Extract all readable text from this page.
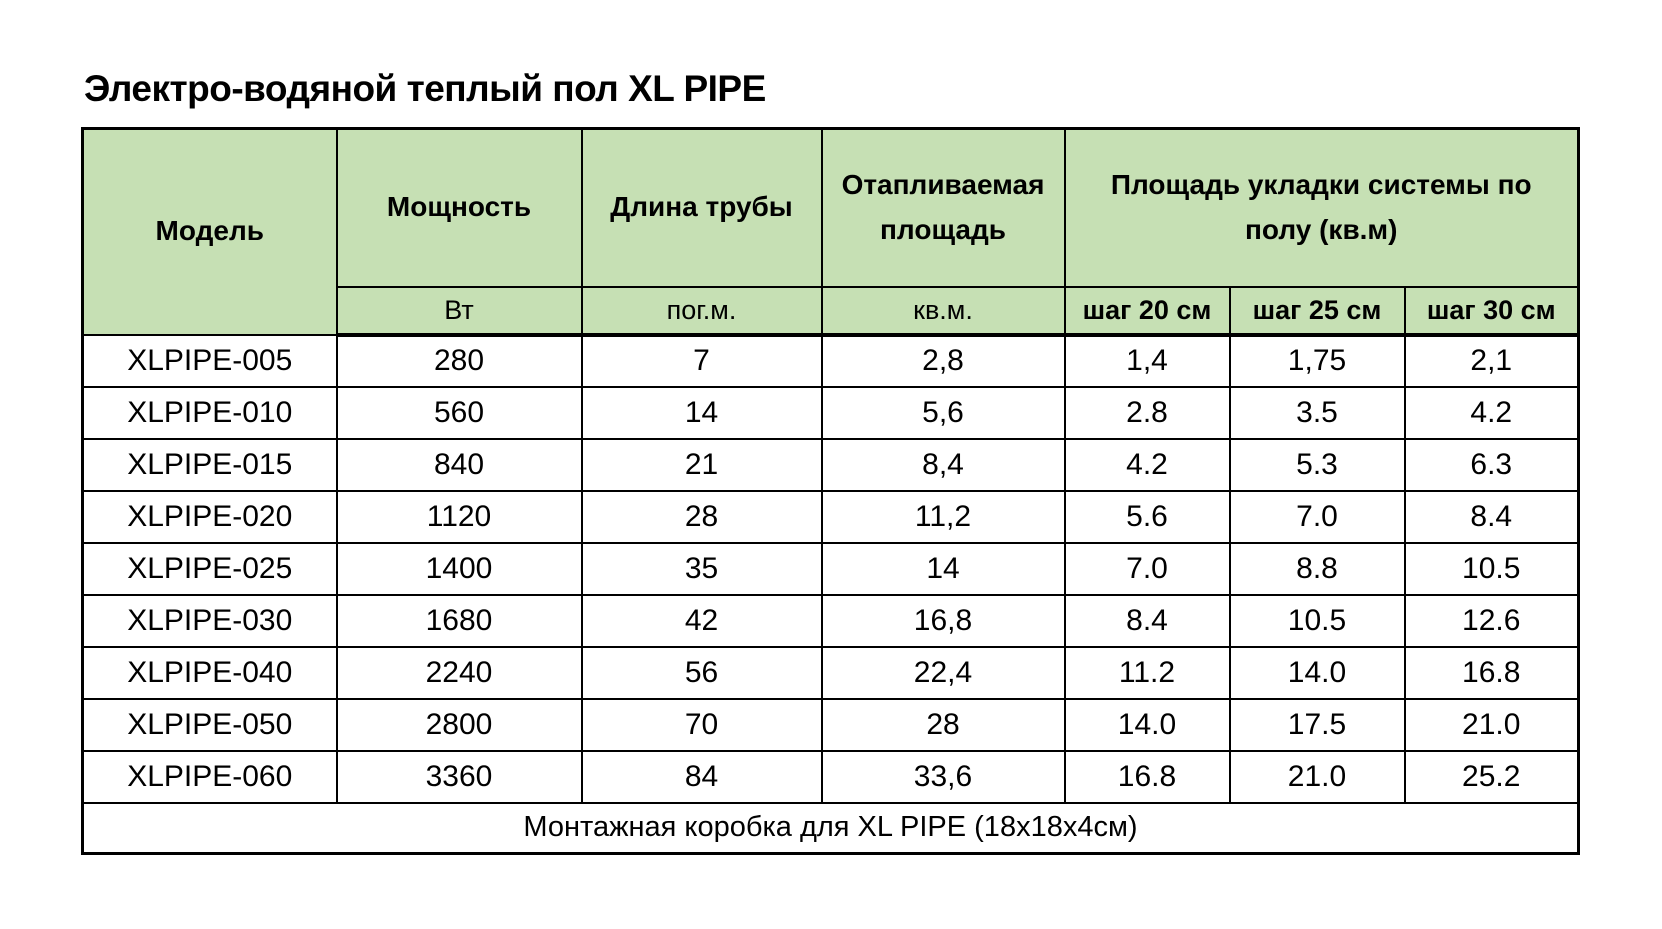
Электро-водяной теплый пол XL PIPE
Модель	Мощность	Длина трубы	Отапливаемая площадь	Площадь укладки системы по полу (кв.м)		

	Вт	пог.м.	кв.м.	шаг 20 см	шаг 25 см	шаг 30 см
XLPIPE-005	280	7	2,8	1,4	1,75	2,1
XLPIPE-010	560	14	5,6	2.8	3.5	4.2
XLPIPE-015	840	21	8,4	4.2	5.3	6.3
XLPIPE-020	1120	28	11,2	5.6	7.0	8.4
XLPIPE-025	1400	35	14	7.0	8.8	10.5
XLPIPE-030	1680	42	16,8	8.4	10.5	12.6
XLPIPE-040	2240	56	22,4	11.2	14.0	16.8
XLPIPE-050	2800	70	28	14.0	17.5	21.0
XLPIPE-060	3360	84	33,6	16.8	21.0	25.2
Монтажная коробка для XL PIPE (18х18х4см)						
